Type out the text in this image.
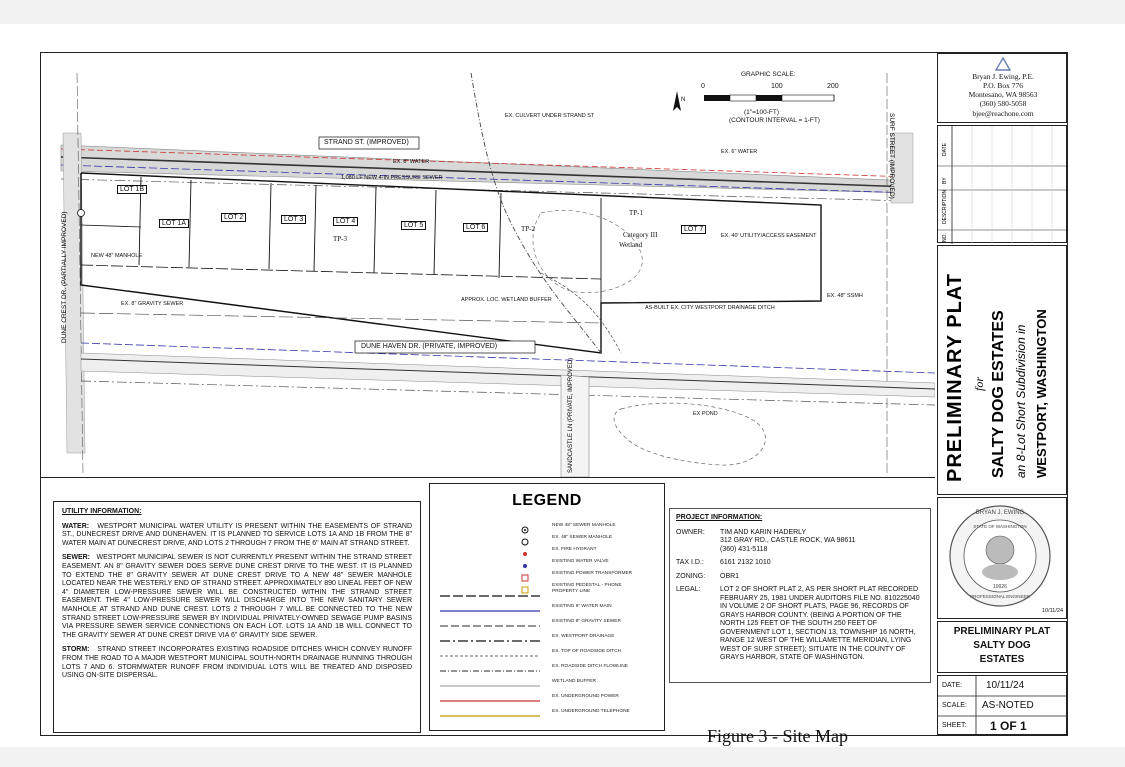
STRAND ST. (IMPROVED)
DUNE HAVEN DR. (PRIVATE, IMPROVED)
DUNE CREST DR. (PARTIALLY IMPROVED)
SURF STREET (IMPROVED)
SANDCASTLE LN (PRIVATE, IMPROVED)
LOT 1B
LOT 1A
LOT 2	LOT 3	LOT 4
LOT 5	LOT 6	LOT 7
TP-1
TP-2
TP-3	Category III
Wetland
1,080 LF NEW 4-IN PRESSURE SEWER
EX. 8" WATER
EX. 6" WATER
EX. 8" GRAVITY SEWER
EX. 48" SSMH
NEW 48" MANHOLE
EX. CULVERT UNDER STRAND ST
APPROX. LOC. WETLAND BUFFER
AS-BUILT EX. CITY WESTPORT DRAINAGE DITCH
EX. 40' UTILITY/ACCESS EASEMENT
EX POND
GRAPHIC SCALE:
0	100	200
(1"=100-FT)
(CONTOUR INTERVAL = 1-FT)
N
UTILITY INFORMATION:

WATER: WESTPORT MUNICIPAL WATER UTILITY IS PRESENT WITHIN THE EASEMENTS OF STRAND ST., DUNECREST DRIVE AND DUNEHAVEN. IT IS PLANNED TO SERVICE LOTS 1A AND 1B FROM THE 8" WATER MAIN AT DUNECREST DRIVE, AND LOTS 2 THROUGH 7 FROM THE 6" MAIN AT STRAND STREET.

SEWER: WESTPORT MUNICIPAL SEWER IS NOT CURRENTLY PRESENT WITHIN THE STRAND STREET EASEMENT. AN 8" GRAVITY SEWER DOES SERVE DUNE CREST DRIVE TO THE WEST. IT IS PLANNED TO EXTEND THE 8" GRAVITY SEWER AT DUNE CREST DRIVE TO A NEW 48" SEWER MANHOLE LOCATED NEAR THE WESTERLY END OF STRAND STREET. APPROXIMATELY 890 LINEAL FEET OF NEW 4" DIAMETER LOW-PRESSURE SEWER WILL BE CONSTRUCTED WITHIN THE STRAND STREET EASEMENT. THE 4" LOW-PRESSURE SEWER WILL DISCHARGE INTO THE NEW SANITARY SEWER MANHOLE AT STRAND AND DUNE CREST. LOTS 2 THROUGH 7 WILL BE CONNECTED TO THE NEW STRAND STREET LOW-PRESSURE SEWER BY INDIVIDUAL PRIVATELY-OWNED SEWAGE PUMP BASINS VIA PRESSURE SEWER SERVICE CONNECTIONS ON EACH LOT. LOTS 1A AND 1B WILL CONNECT TO THE GRAVITY SEWER AT DUNE CREST DRIVE VIA 6" GRAVITY SIDE SEWER.

STORM: STRAND STREET INCORPORATES EXISTING ROADSIDE DITCHES WHICH CONVEY RUNOFF FROM THE ROAD TO A MAJOR WESTPORT MUNICIPAL SOUTH-NORTH DRAINAGE RUNNING THROUGH LOTS 7 AND 6. STORMWATER RUNOFF FROM INDIVIDUAL LOTS WILL BE TREATED AND DISPOSED USING ON-SITE DISPERSAL.

LEGEND
NEW 48" SEWER MANHOLE
EX. 48" SEWER MANHOLE
EX. FIRE HYDRANT
EXISTING WATER VALVE
EXISTING POWER TRANSFORMER
EXISTING PEDESTAL - PHONE
PROPERTY LINE
EXISTING 6" WATER MAIN
EXISTING 8" GRAVITY SEWER
EX. WESTPORT DRAINAGE
EX. TOP OF ROADSIDE DITCH
EX. ROADSIDE DITCH FLOWLINE
WETLAND BUFFER
EX. UNDERGROUND POWER
EX. UNDERGROUND TELEPHONE
PROJECT INFORMATION:
OWNER:	TIM AND KARIN HADERLY
312 GRAY RD., CASTLE ROCK, WA 98611
(360) 431-5118
TAX I.D.:	6161 2132 1010
ZONING:	OBR1
LEGAL:	LOT 2 OF SHORT PLAT 2, AS PER SHORT PLAT RECORDED FEBRUARY 25, 1981 UNDER AUDITORS FILE NO. 810225040 IN VOLUME 2 OF SHORT PLATS, PAGE 96, RECORDS OF GRAYS HARBOR COUNTY. (BEING A PORTION OF THE NORTH 125 FEET OF THE SOUTH 250 FEET OF GOVERNMENT LOT 1, SECTION 13, TOWNSHIP 16 NORTH, RANGE 12 WEST OF THE WILLAMETTE MERIDIAN, LYING WEST OF SURF STREET); SITUATE IN THE COUNTY OF GRAYS HARBOR, STATE OF WASHINGTON.
Figure 3 - Site Map
Bryan J. Ewing, P.E.
P.O. Box 776
Montesano, WA 98563
(360) 580-5058
bjee@reachone.com
DATE
BY
DESCRIPTION
NO.
PRELIMINARY PLAT for SALTY DOG ESTATES an 8-Lot Short Subdivision in WESTPORT, WASHINGTON
BRYAN J. EWING
STATE OF WASHINGTON
19926
PROFESSIONAL ENGINEER
10/11/24
PRELIMINARY PLAT
SALTY DOG
ESTATES
DATE: 10/11/24
SCALE: AS-NOTED
SHEET: 1 OF 1
